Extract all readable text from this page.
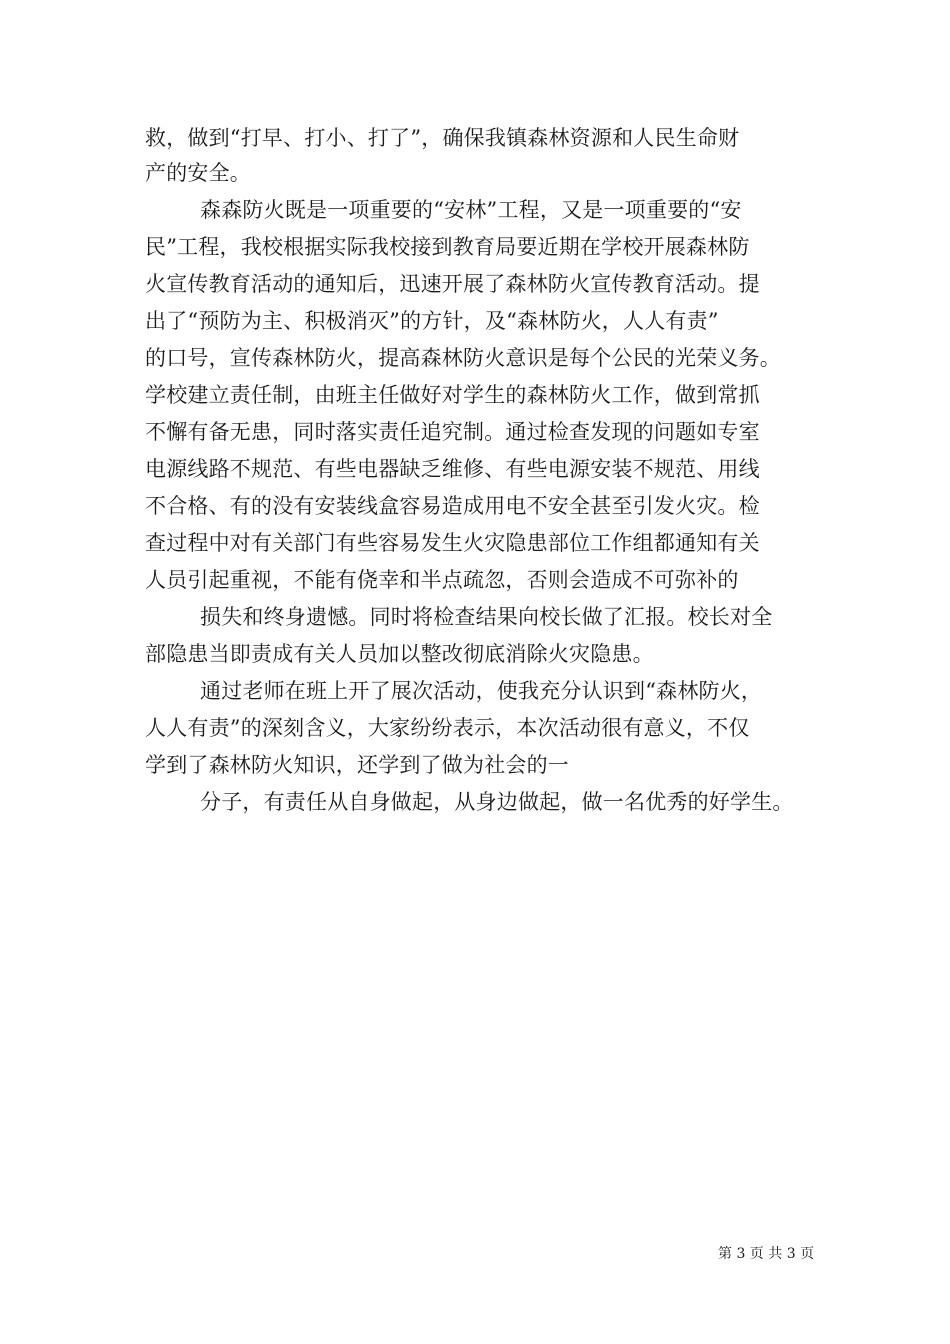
救，做到“打早、打小、打了”，确保我镇森林资源和人民生命财
产的安全。
森森防火既是一项重要的“安林”工程，又是一项重要的“安
民”工程，我校根据实际我校接到教育局要近期在学校开展森林防
火宣传教育活动的通知后，迅速开展了森林防火宣传教育活动。提
出了“预防为主、积极消灭”的方针，及“森林防火，人人有责”
的口号，宣传森林防火，提高森林防火意识是每个公民的光荣义务。
学校建立责任制，由班主任做好对学生的森林防火工作，做到常抓
不懈有备无患，同时落实责任追究制。通过检查发现的问题如专室
电源线路不规范、有些电器缺乏维修、有些电源安装不规范、用线
不合格、有的没有安装线盒容易造成用电不安全甚至引发火灾。检
查过程中对有关部门有些容易发生火灾隐患部位工作组都通知有关
人员引起重视，不能有侥幸和半点疏忽，否则会造成不可弥补的
损失和终身遗憾。同时将检查结果向校长做了汇报。校长对全
部隐患当即责成有关人员加以整改彻底消除火灾隐患。
通过老师在班上开了展次活动，使我充分认识到“森林防火，
人人有责”的深刻含义，大家纷纷表示，本次活动很有意义，不仅
学到了森林防火知识，还学到了做为社会的一
分子，有责任从自身做起，从身边做起，做一名优秀的好学生。
第 3 页 共 3 页
